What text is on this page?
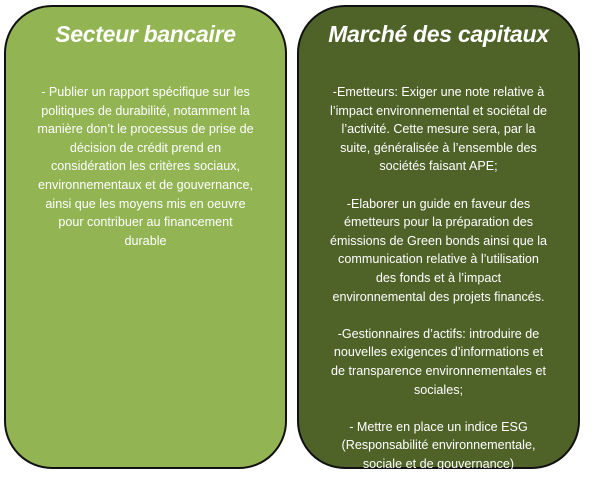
Secteur bancaire
- Publier un rapport spécifique sur les
politiques de durabilité, notamment la
manière don’t le processus de prise de
décision de crédit prend en
considération les critères sociaux,
environnementaux et de gouvernance,
ainsi que les moyens mis en oeuvre
pour contribuer au financement
durable
Marché des capitaux
-Emetteurs: Exiger une note relative à
l’impact environnemental et sociétal de
l’activité. Cette mesure sera, par la
suite, généralisée à l’ensemble des
sociétés faisant APE;
-Elaborer un guide en faveur des
émetteurs pour la préparation des
émissions de Green bonds ainsi que la
communication relative à l’utilisation
des fonds et à l’impact
environnemental des projets financés.
-Gestionnaires d’actifs: introduire de
nouvelles exigences d’informations et
de transparence environnementales et
sociales;
- Mettre en place un indice ESG
(Responsabilité environnementale,
sociale et de gouvernance)
